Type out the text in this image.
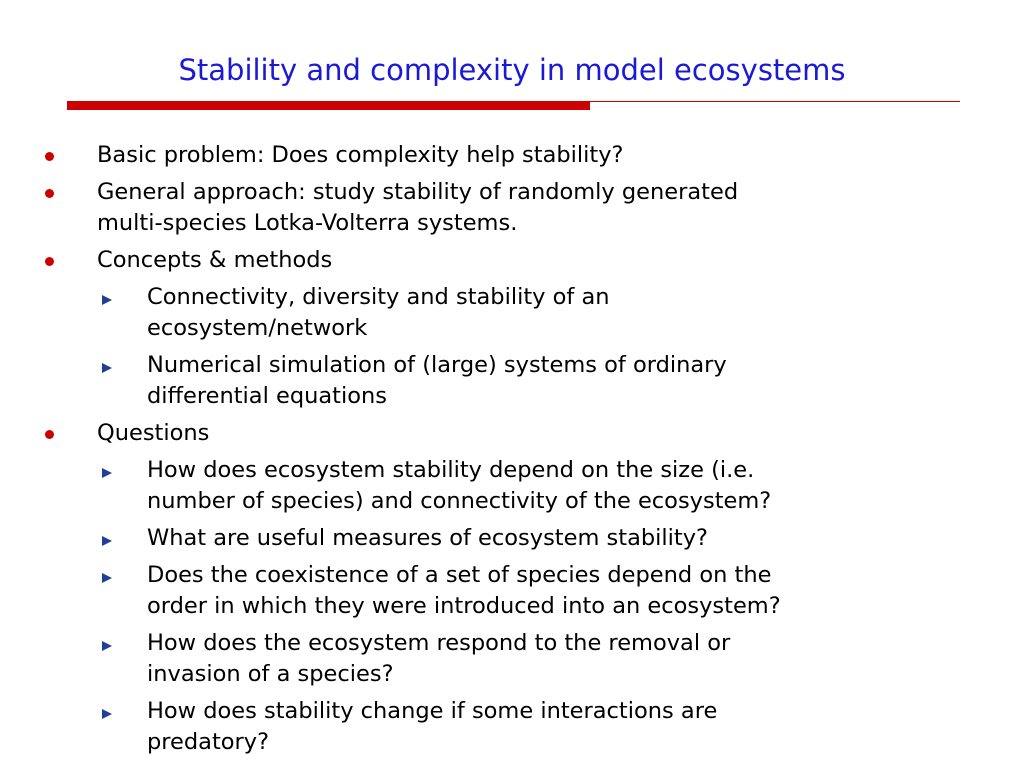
Stability and complexity in model ecosystems
Basic problem: Does complexity help stability?
General approach: study stability of randomly generated
multi-species Lotka-Volterra systems.
Concepts & methods
Connectivity, diversity and stability of an
ecosystem/network
Numerical simulation of (large) systems of ordinary
differential equations
Questions
How does ecosystem stability depend on the size (i.e.
number of species) and connectivity of the ecosystem?
What are useful measures of ecosystem stability?
Does the coexistence of a set of species depend on the
order in which they were introduced into an ecosystem?
How does the ecosystem respond to the removal or
invasion of a species?
How does stability change if some interactions are
predatory?
